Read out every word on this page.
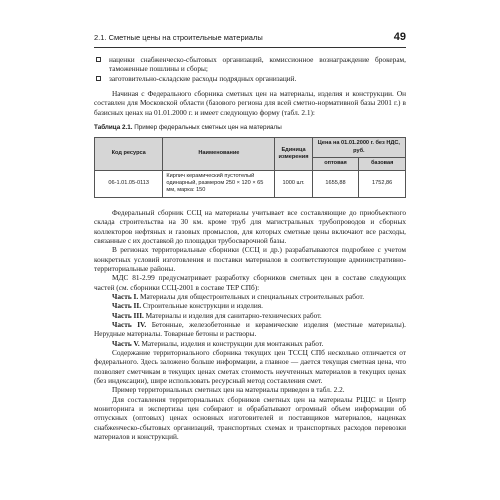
2.1. Сметные цены на строительные материалы	49
наценки снабженческо-сбытовых организаций, комиссионное вознаграждение брокерам, таможенные пошлины и сборы;
заготовительно-складские расходы подрядных организаций.

Начиная с Федерального сборника сметных цен на материалы, изделия и конструкции. Он составлен для Московской области (базового региона для всей сметно-нормативной базы 2001 г.) в базисных ценах на 01.01.2000 г. и имеет следующую форму (табл. 2.1):

Таблица 2.1. Пример федеральных сметных цен на материалы
Код ресурса	Наименование	Единица измерения	Цена на 01.01.2000 г. без НДС, руб.	
			оптовая	базовая
06-1.01.05-0113	Кирпич керамический пустотелый одинарный, размером 250 × 120 × 65 мм, марка: 150	1000 шт.	1655,88	1752,86

Федеральный сборник ССЦ на материалы учитывает все составляющие до приобъектного склада строительства на 30 км. кроме труб для магистральных трубопроводов и сборных коллекторов нефтяных и газовых промыслов, для которых сметные цены включают все расходы, связанные с их доставкой до площадки трубосварочной базы.

В регионах территориальные сборники (ССЦ и др.) разрабатываются подробнее с учетом конкретных условий изготовления и поставки материалов в соответствующие административно-территориальные районы.

МДС 81-2.99 предусматривает разработку сборников сметных цен в составе следующих частей (см. сборники ССЦ-2001 в составе ТЕР СПб):

Часть I. Материалы для общестроительных и специальных строительных работ.

Часть II. Строительные конструкции и изделия.

Часть III. Материалы и изделия для санитарно-технических работ.

Часть IV. Бетонные, железобетонные и керамические изделия (местные материалы). Нерудные материалы. Товарные бетоны и растворы.

Часть V. Материалы, изделия и конструкции для монтажных работ.

Содержание территориального сборника текущих цен ТССЦ СПб несколько отличается от федерального. Здесь заложено больше информации, а главное — дается текущая сметная цена, что позволяет сметчикам в текущих ценах сметах стоимость неучтенных материалов в текущих ценах (без индексации), шире использовать ресурсный метод составления смет.

Пример территориальных сметных цен на материалы приведен в табл. 2.2.

Для составления территориальных сборников сметных цен на материалы РЦЦС и Центр мониторинга и экспертизы цен собирают и обрабатывают огромный объем информации об отпускных (оптовых) ценах основных изготовителей и поставщиков материалов, наценках снабженческо-сбытовых организаций, транспортных схемах и транспортных расходов перевозки материалов и конструкций.
